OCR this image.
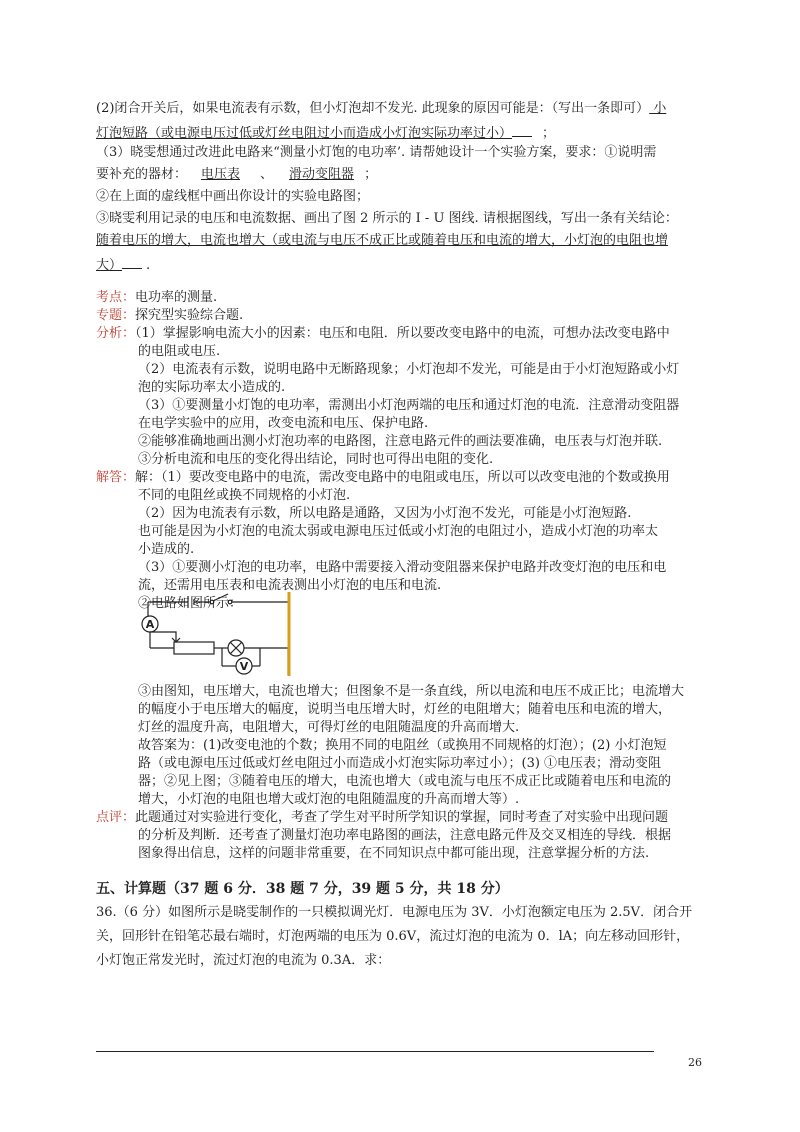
(2)闭合开关后，如果电流表有示数，但小灯泡却不发光. 此现象的原因可能是：（写出一条即可） 小
灯泡短路（或电源电压过低或灯丝电阻过小而造成小灯泡实际功率过小） ；
（3）晓雯想通过改进此电路来“测量小灯饱的电功率’. 请帮她设计一个实验方案，要求：①说明需
要补充的器材： 电压表 、 滑动变阻器 ；
②在上面的虚线框中画出你设计的实验电路图；
③晓雯利用记录的电压和电流数据、画出了图 2 所示的 I - U 图线. 请根据图线，写出一条有关结论：
随着电压的增大，电流也增大（或电流与电压不成正比或随着电压和电流的增大，小灯泡的电阻也增
大） .
考点：电功率的测量.
专题：探究型实验综合题.
分析：（1）掌握影响电流大小的因素：电压和电阻．所以要改变电路中的电流，可想办法改变电路中
的电阻或电压.
（2）电流表有示数，说明电路中无断路现象；小灯泡却不发光，可能是由于小灯泡短路或小灯
泡的实际功率太小造成的.
（3）①要测量小灯饱的电功率，需测出小灯泡两端的电压和通过灯泡的电流．注意滑动变阻器
在电学实验中的应用，改变电流和电压、保护电路.
②能够准确地画出测小灯泡功率的电路图，注意电路元件的画法要准确，电压表与灯泡并联.
③分析电流和电压的变化得出结论，同时也可得出电阻的变化.
解答：解：（1）要改变电路中的电流，需改变电路中的电阻或电压，所以可以改变电池的个数或换用
不同的电阻丝或换不同规格的小灯泡.
（2）因为电流表有示数，所以电路是通路，又因为小灯泡不发光，可能是小灯泡短路.
也可能是因为小灯泡的电流太弱或电源电压过低或小灯泡的电阻过小，造成小灯泡的功率太
小造成的.
（3）①要测小灯泡的电功率，电路中需要接入滑动变阻器来保护电路并改变灯泡的电压和电
流，还需用电压表和电流表测出小灯泡的电压和电流.
②电路如图所示：
A
V
③由图知，电压增大，电流也增大；但图象不是一条直线，所以电流和电压不成正比；电流增大
的幅度小于电压增大的幅度，说明当电压增大时，灯丝的电阻增大；随着电压和电流的增大，
灯丝的温度升高，电阻增大，可得灯丝的电阻随温度的升高而增大.
故答案为：(1)改变电池的个数；换用不同的电阻丝（或换用不同规格的灯泡）；(2) 小灯泡短
路（或电源电压过低或灯丝电阻过小而造成小灯泡实际功率过小）；(3) ①电压表；滑动变阻
器；②见上图；③随着电压的增大，电流也增大（或电流与电压不成正比或随着电压和电流的
增大，小灯泡的电阻也增大或灯泡的电阻随温度的升高而增大等）.
点评：此题通过对实验进行变化，考查了学生对平时所学知识的掌握，同时考查了对实验中出现问题
的分析及判断．还考查了测量灯泡功率电路图的画法，注意电路元件及交叉相连的导线．根据
图象得出信息，这样的问题非常重要，在不同知识点中都可能出现，注意掌握分析的方法.
五、计算题（37 题 6 分．38 题 7 分，39 题 5 分，共 18 分）
36.（6 分）如图所示是晓雯制作的一只模拟调光灯．电源电压为 3V．小灯泡额定电压为 2.5V．闭合开
关，回形针在铅笔芯最右端时，灯泡两端的电压为 0.6V，流过灯泡的电流为 0．lA；向左移动回形针，
小灯饱正常发光时，流过灯泡的电流为 0.3A．求：
26
